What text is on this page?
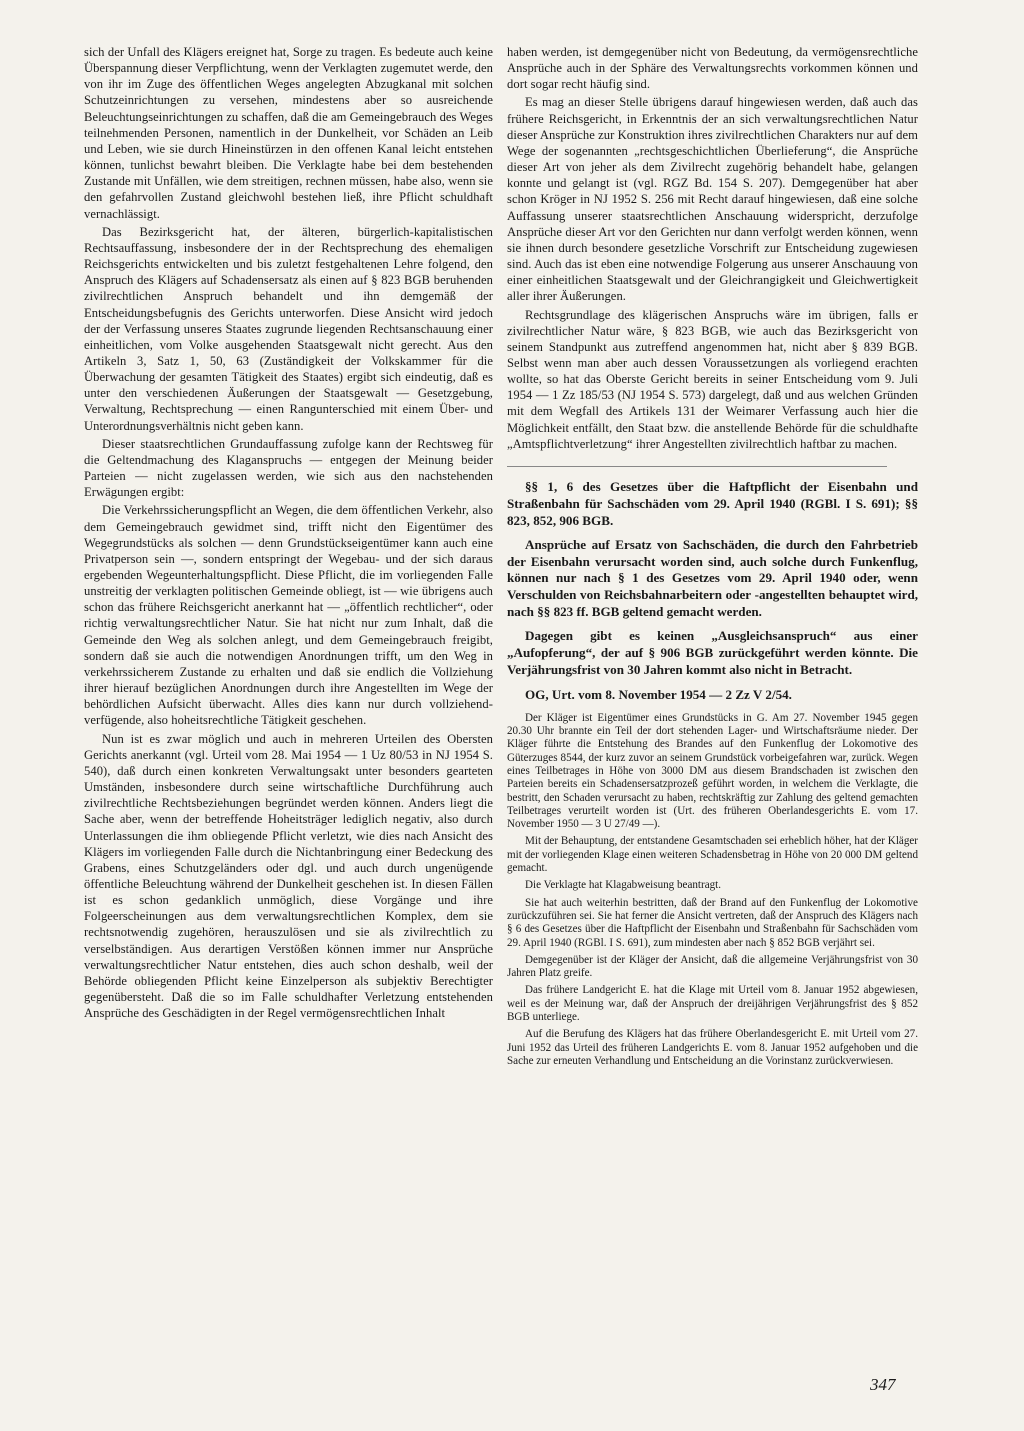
sich der Unfall des Klägers ereignet hat, Sorge zu tragen. Es bedeute auch keine Überspannung dieser Verpflichtung, wenn der Verklagten zugemutet werde, den von ihr im Zuge des öffentlichen Weges angelegten Abzugkanal mit solchen Schutzeinrichtungen zu versehen, mindestens aber so ausreichende Beleuchtungseinrichtungen zu schaffen, daß die am Gemeingebrauch des Weges teilnehmenden Personen, namentlich in der Dunkelheit, vor Schäden an Leib und Leben, wie sie durch Hineinstürzen in den offenen Kanal leicht entstehen können, tunlichst bewahrt bleiben. Die Verklagte habe bei dem bestehenden Zustande mit Unfällen, wie dem streitigen, rechnen müssen, habe also, wenn sie den gefahrvollen Zustand gleichwohl bestehen ließ, ihre Pflicht schuldhaft vernachlässigt.

Das Bezirksgericht hat, der älteren, bürgerlich-kapitalistischen Rechtsauffassung, insbesondere der in der Rechtsprechung des ehemaligen Reichsgerichts entwickelten und bis zuletzt festgehaltenen Lehre folgend, den Anspruch des Klägers auf Schadensersatz als einen auf § 823 BGB beruhenden zivilrechtlichen Anspruch behandelt und ihn demgemäß der Entscheidungsbefugnis des Gerichts unterworfen. Diese Ansicht wird jedoch der der Verfassung unseres Staates zugrunde liegenden Rechtsanschauung einer einheitlichen, vom Volke ausgehenden Staatsgewalt nicht gerecht. Aus den Artikeln 3, Satz 1, 50, 63 (Zuständigkeit der Volkskammer für die Überwachung der gesamten Tätigkeit des Staates) ergibt sich eindeutig, daß es unter den verschiedenen Äußerungen der Staatsgewalt — Gesetzgebung, Verwaltung, Rechtsprechung — einen Rangunterschied mit einem Über- und Unterordnungsverhältnis nicht geben kann.

Dieser staatsrechtlichen Grundauffassung zufolge kann der Rechtsweg für die Geltendmachung des Klaganspruchs — entgegen der Meinung beider Parteien — nicht zugelassen werden, wie sich aus den nachstehenden Erwägungen ergibt:

Die Verkehrssicherungspflicht an Wegen, die dem öffentlichen Verkehr, also dem Gemeingebrauch gewidmet sind, trifft nicht den Eigentümer des Wegegrundstücks als solchen — denn Grundstückseigentümer kann auch eine Privatperson sein —, sondern entspringt der Wegebau- und der sich daraus ergebenden Wegeunterhaltungspflicht. Diese Pflicht, die im vorliegenden Falle unstreitig der verklagten politischen Gemeinde obliegt, ist — wie übrigens auch schon das frühere Reichsgericht anerkannt hat — „öffentlich rechtlicher“, oder richtig verwaltungsrechtlicher Natur. Sie hat nicht nur zum Inhalt, daß die Gemeinde den Weg als solchen anlegt, und dem Gemeingebrauch freigibt, sondern daß sie auch die notwendigen Anordnungen trifft, um den Weg in verkehrssicherem Zustande zu erhalten und daß sie endlich die Vollziehung ihrer hierauf bezüglichen Anordnungen durch ihre Angestellten im Wege der behördlichen Aufsicht überwacht. Alles dies kann nur durch vollziehend-verfügende, also hoheitsrechtliche Tätigkeit geschehen.

Nun ist es zwar möglich und auch in mehreren Urteilen des Obersten Gerichts anerkannt (vgl. Urteil vom 28. Mai 1954 — 1 Uz 80/53 in NJ 1954 S. 540), daß durch einen konkreten Verwaltungsakt unter besonders gearteten Umständen, insbesondere durch seine wirtschaftliche Durchführung auch zivilrechtliche Rechtsbeziehungen begründet werden können. Anders liegt die Sache aber, wenn der betreffende Hoheitsträger lediglich negativ, also durch Unterlassungen die ihm obliegende Pflicht verletzt, wie dies nach Ansicht des Klägers im vorliegenden Falle durch die Nichtanbringung einer Bedeckung des Grabens, eines Schutzgeländers oder dgl. und auch durch ungenügende öffentliche Beleuchtung während der Dunkelheit geschehen ist. In diesen Fällen ist es schon gedanklich unmöglich, diese Vorgänge und ihre Folgeerscheinungen aus dem verwaltungsrechtlichen Komplex, dem sie rechtsnotwendig zugehören, herauszulösen und sie als zivilrechtlich zu verselbständigen. Aus derartigen Verstößen können immer nur Ansprüche verwaltungsrechtlicher Natur entstehen, dies auch schon deshalb, weil der Behörde obliegenden Pflicht keine Einzelperson als subjektiv Berechtigter gegenübersteht. Daß die so im Falle schuldhafter Verletzung entstehenden Ansprüche des Geschädigten in der Regel vermögensrechtlichen Inhalt

haben werden, ist demgegenüber nicht von Bedeutung, da vermögensrechtliche Ansprüche auch in der Sphäre des Verwaltungsrechts vorkommen können und dort sogar recht häufig sind.

Es mag an dieser Stelle übrigens darauf hingewiesen werden, daß auch das frühere Reichsgericht, in Erkenntnis der an sich verwaltungsrechtlichen Natur dieser Ansprüche zur Konstruktion ihres zivilrechtlichen Charakters nur auf dem Wege der sogenannten „rechtsgeschichtlichen Überlieferung“, die Ansprüche dieser Art von jeher als dem Zivilrecht zugehörig behandelt habe, gelangen konnte und gelangt ist (vgl. RGZ Bd. 154 S. 207). Demgegenüber hat aber schon Kröger in NJ 1952 S. 256 mit Recht darauf hingewiesen, daß eine solche Auffassung unserer staatsrechtlichen Anschauung widerspricht, derzufolge Ansprüche dieser Art vor den Gerichten nur dann verfolgt werden können, wenn sie ihnen durch besondere gesetzliche Vorschrift zur Entscheidung zugewiesen sind. Auch das ist eben eine notwendige Folgerung aus unserer Anschauung von einer einheitlichen Staatsgewalt und der Gleichrangigkeit und Gleichwertigkeit aller ihrer Äußerungen.

Rechtsgrundlage des klägerischen Anspruchs wäre im übrigen, falls er zivilrechtlicher Natur wäre, § 823 BGB, wie auch das Bezirksgericht von seinem Standpunkt aus zutreffend angenommen hat, nicht aber § 839 BGB. Selbst wenn man aber auch dessen Voraussetzungen als vorliegend erachten wollte, so hat das Oberste Gericht bereits in seiner Entscheidung vom 9. Juli 1954 — 1 Zz 185/53 (NJ 1954 S. 573) dargelegt, daß und aus welchen Gründen mit dem Wegfall des Artikels 131 der Weimarer Verfassung auch hier die Möglichkeit entfällt, den Staat bzw. die anstellende Behörde für die schuldhafte „Amtspflichtverletzung“ ihrer Angestellten zivilrechtlich haftbar zu machen.

§§ 1, 6 des Gesetzes über die Haftpflicht der Eisenbahn und Straßenbahn für Sachschäden vom 29. April 1940 (RGBl. I S. 691); §§ 823, 852, 906 BGB.

Ansprüche auf Ersatz von Sachschäden, die durch den Fahrbetrieb der Eisenbahn verursacht worden sind, auch solche durch Funkenflug, können nur nach § 1 des Gesetzes vom 29. April 1940 oder, wenn Verschulden von Reichsbahnarbeitern oder -angestellten behauptet wird, nach §§ 823 ff. BGB geltend gemacht werden.

Dagegen gibt es keinen „Ausgleichsanspruch“ aus einer „Aufopferung“, der auf § 906 BGB zurückgeführt werden könnte. Die Verjährungsfrist von 30 Jahren kommt also nicht in Betracht.

OG, Urt. vom 8. November 1954 — 2 Zz V 2/54.

Der Kläger ist Eigentümer eines Grundstücks in G. Am 27. November 1945 gegen 20.30 Uhr brannte ein Teil der dort stehenden Lager- und Wirtschaftsräume nieder. Der Kläger führte die Entstehung des Brandes auf den Funkenflug der Lokomotive des Güterzuges 8544, der kurz zuvor an seinem Grundstück vorbeigefahren war, zurück. Wegen eines Teilbetrages in Höhe von 3000 DM aus diesem Brandschaden ist zwischen den Parteien bereits ein Schadensersatzprozeß geführt worden, in welchem die Verklagte, die bestritt, den Schaden verursacht zu haben, rechtskräftig zur Zahlung des geltend gemachten Teilbetrages verurteilt worden ist (Urt. des früheren Oberlandesgerichts E. vom 17. November 1950 — 3 U 27/49 —).

Mit der Behauptung, der entstandene Gesamtschaden sei erheblich höher, hat der Kläger mit der vorliegenden Klage einen weiteren Schadensbetrag in Höhe von 20 000 DM geltend gemacht.

Die Verklagte hat Klagabweisung beantragt.

Sie hat auch weiterhin bestritten, daß der Brand auf den Funkenflug der Lokomotive zurückzuführen sei. Sie hat ferner die Ansicht vertreten, daß der Anspruch des Klägers nach § 6 des Gesetzes über die Haftpflicht der Eisenbahn und Straßenbahn für Sachschäden vom 29. April 1940 (RGBl. I S. 691), zum mindesten aber nach § 852 BGB verjährt sei.

Demgegenüber ist der Kläger der Ansicht, daß die allgemeine Verjährungsfrist von 30 Jahren Platz greife.

Das frühere Landgericht E. hat die Klage mit Urteil vom 8. Januar 1952 abgewiesen, weil es der Meinung war, daß der Anspruch der dreijährigen Verjährungsfrist des § 852 BGB unterliege.

Auf die Berufung des Klägers hat das frühere Oberlandesgericht E. mit Urteil vom 27. Juni 1952 das Urteil des früheren Landgerichts E. vom 8. Januar 1952 aufgehoben und die Sache zur erneuten Verhandlung und Entscheidung an die Vorinstanz zurückverwiesen.

347
